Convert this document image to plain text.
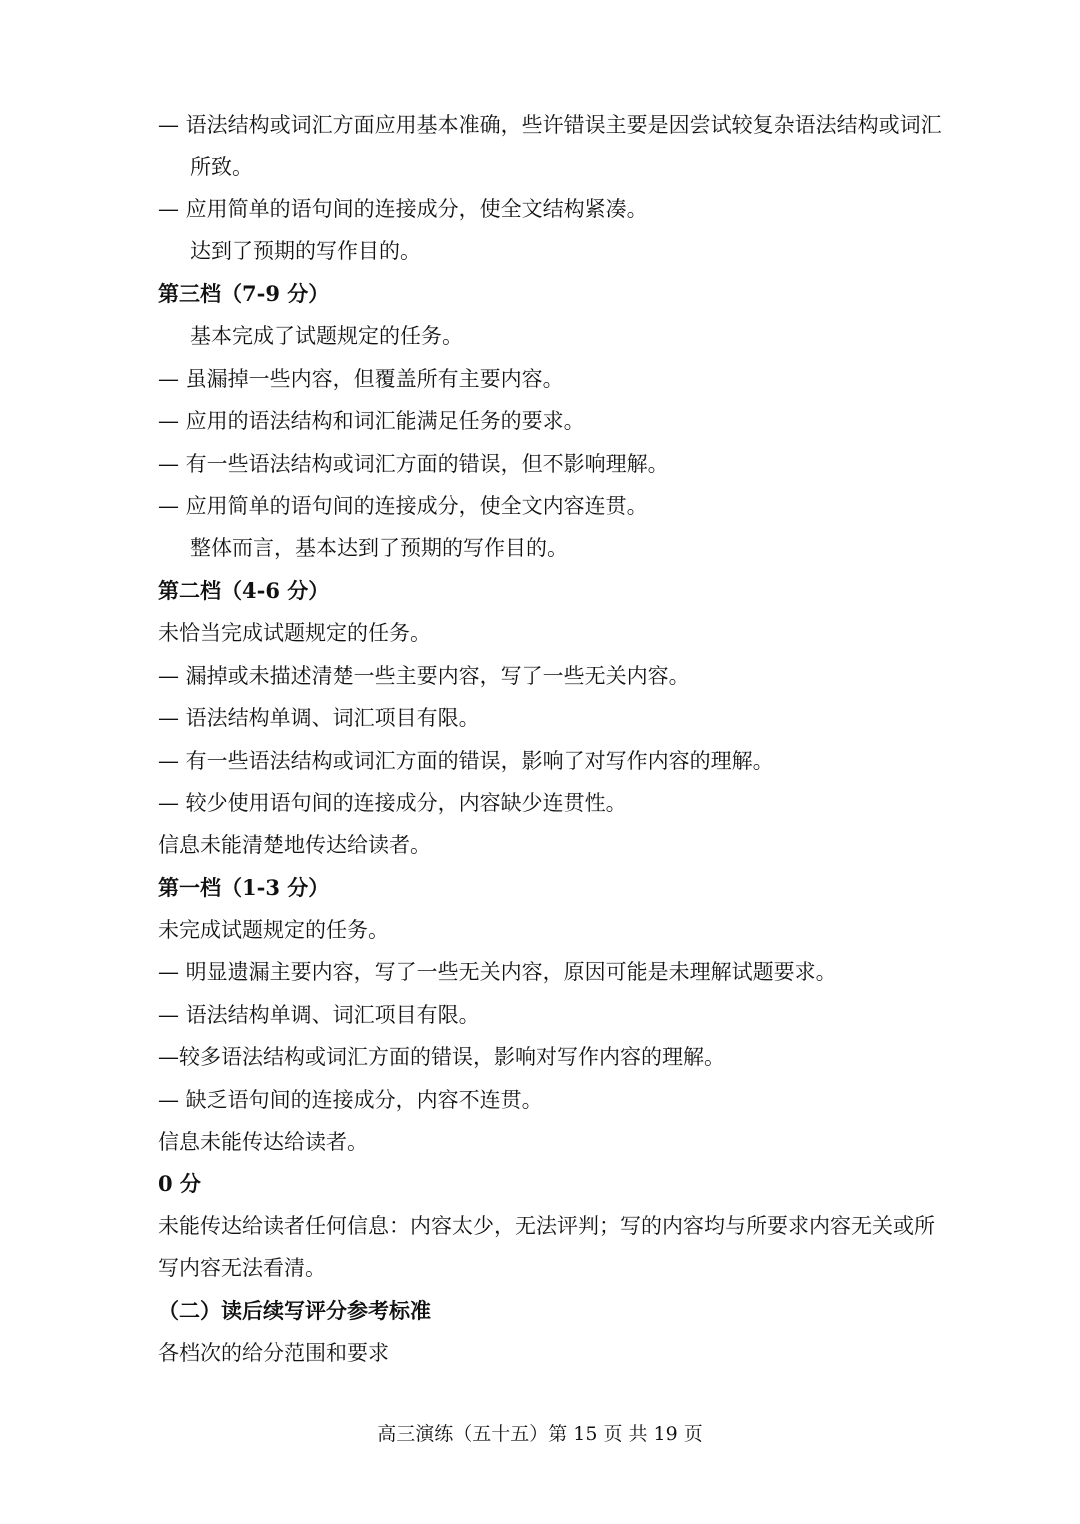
— 语法结构或词汇方面应用基本准确，些许错误主要是因尝试较复杂语法结构或词汇
所致。
— 应用简单的语句间的连接成分，使全文结构紧凑。
达到了预期的写作目的。
第三档（7-9 分）
基本完成了试题规定的任务。
— 虽漏掉一些内容，但覆盖所有主要内容。
— 应用的语法结构和词汇能满足任务的要求。
— 有一些语法结构或词汇方面的错误，但不影响理解。
— 应用简单的语句间的连接成分，使全文内容连贯。
整体而言，基本达到了预期的写作目的。
第二档（4-6 分）
未恰当完成试题规定的任务。
— 漏掉或未描述清楚一些主要内容，写了一些无关内容。
— 语法结构单调、词汇项目有限。
— 有一些语法结构或词汇方面的错误，影响了对写作内容的理解。
— 较少使用语句间的连接成分，内容缺少连贯性。
信息未能清楚地传达给读者。
第一档（1-3 分）
未完成试题规定的任务。
— 明显遗漏主要内容，写了一些无关内容，原因可能是未理解试题要求。
— 语法结构单调、词汇项目有限。
—较多语法结构或词汇方面的错误，影响对写作内容的理解。
— 缺乏语句间的连接成分，内容不连贯。
信息未能传达给读者。
0 分
未能传达给读者任何信息：内容太少，无法评判；写的内容均与所要求内容无关或所
写内容无法看清。
（二）读后续写评分参考标准
各档次的给分范围和要求
高三演练（五十五）第 15 页 共 19 页
